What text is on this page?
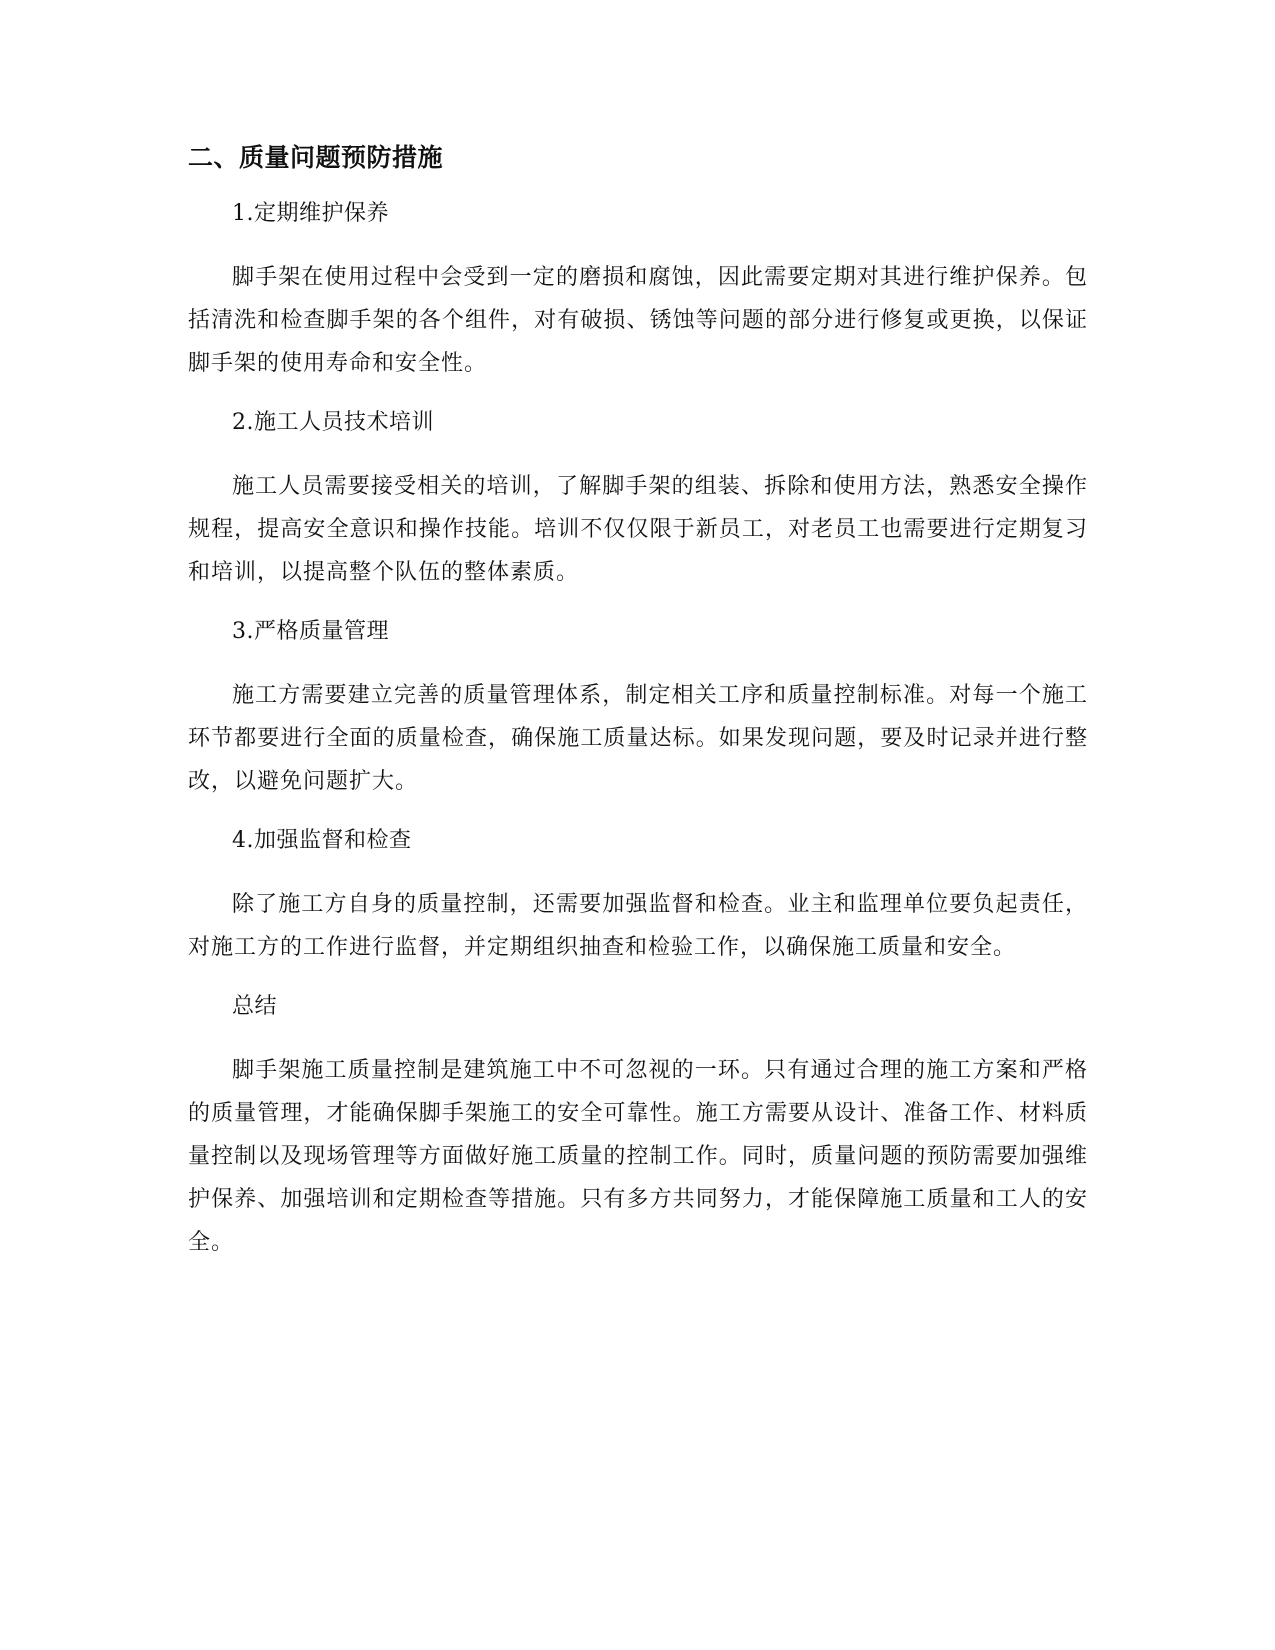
二、质量问题预防措施
1.定期维护保养

脚手架在使用过程中会受到一定的磨损和腐蚀，因此需要定期对其进行维护保养。包括清洗和检查脚手架的各个组件，对有破损、锈蚀等问题的部分进行修复或更换，以保证脚手架的使用寿命和安全性。

2.施工人员技术培训

施工人员需要接受相关的培训，了解脚手架的组装、拆除和使用方法，熟悉安全操作规程，提高安全意识和操作技能。培训不仅仅限于新员工，对老员工也需要进行定期复习和培训，以提高整个队伍的整体素质。

3.严格质量管理

施工方需要建立完善的质量管理体系，制定相关工序和质量控制标准。对每一个施工环节都要进行全面的质量检查，确保施工质量达标。如果发现问题，要及时记录并进行整改，以避免问题扩大。

4.加强监督和检查

除了施工方自身的质量控制，还需要加强监督和检查。业主和监理单位要负起责任，对施工方的工作进行监督，并定期组织抽查和检验工作，以确保施工质量和安全。

总结

脚手架施工质量控制是建筑施工中不可忽视的一环。只有通过合理的施工方案和严格的质量管理，才能确保脚手架施工的安全可靠性。施工方需要从设计、准备工作、材料质量控制以及现场管理等方面做好施工质量的控制工作。同时，质量问题的预防需要加强维护保养、加强培训和定期检查等措施。只有多方共同努力，才能保障施工质量和工人的安全。
